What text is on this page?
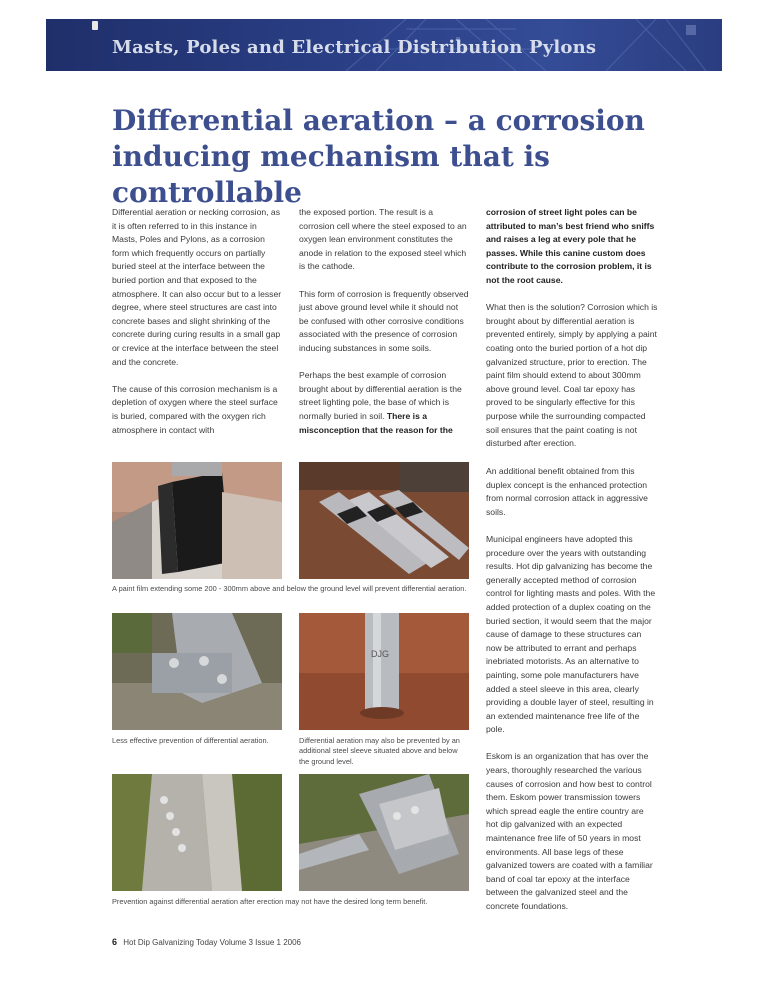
Masts, Poles and Electrical Distribution Pylons
Differential aeration – a corrosion inducing mechanism that is controllable

Differential aeration or necking corrosion, as it is often referred to in this instance in Masts, Poles and Pylons, as a corrosion form which frequently occurs on partially buried steel at the interface between the buried portion and that exposed to the atmosphere. It can also occur but to a lesser degree, where steel structures are cast into concrete bases and slight shrinking of the concrete during curing results in a small gap or crevice at the interface between the steel and the concrete.

The cause of this corrosion mechanism is a depletion of oxygen where the steel surface is buried, compared with the oxygen rich atmosphere in contact with

the exposed portion. The result is a corrosion cell where the steel exposed to an oxygen lean environment constitutes the anode in relation to the exposed steel which is the cathode.

This form of corrosion is frequently observed just above ground level while it should not be confused with other corrosive conditions associated with the presence of corrosion inducing substances in some soils.

Perhaps the best example of corrosion brought about by differential aeration is the street lighting pole, the base of which is normally buried in soil. There is a misconception that the reason for the

corrosion of street light poles can be attributed to man’s best friend who sniffs and raises a leg at every pole that he passes. While this canine custom does contribute to the corrosion problem, it is not the root cause.

What then is the solution? Corrosion which is brought about by differential aeration is prevented entirely, simply by applying a paint coating onto the buried portion of a hot dip galvanized structure, prior to erection. The paint film should extend to about 300mm above ground level. Coal tar epoxy has proved to be singularly effective for this purpose while the surrounding compacted soil ensures that the paint coating is not disturbed after erection.

An additional benefit obtained from this duplex concept is the enhanced protection from normal corrosion attack in aggressive soils.

Municipal engineers have adopted this procedure over the years with outstanding results. Hot dip galvanizing has become the generally accepted method of corrosion control for lighting masts and poles. With the added protection of a duplex coating on the buried section, it would seem that the major cause of damage to these structures can now be attributed to errant and perhaps inebriated motorists. As an alternative to painting, some pole manufacturers have added a steel sleeve in this area, clearly providing a double layer of steel, resulting in an extended maintenance free life of the pole.

Eskom is an organization that has over the years, thoroughly researched the various causes of corrosion and how best to control them. Eskom power transmission towers which spread eagle the entire country are hot dip galvanized with an expected maintenance free life of 50 years in most environments. All base legs of these galvanized towers are coated with a familiar band of coal tar epoxy at the interface between the galvanized steel and the concrete foundations.

DJG
A paint film extending some 200 - 300mm above and below the ground level will prevent differential aeration.
Less effective prevention of differential aeration.	Differential aeration may also be prevented by an additional steel sleeve situated above and below the ground level.
Prevention against differential aeration after erection may not have the desired long term benefit.
6 Hot Dip Galvanizing Today Volume 3 Issue 1 2006
